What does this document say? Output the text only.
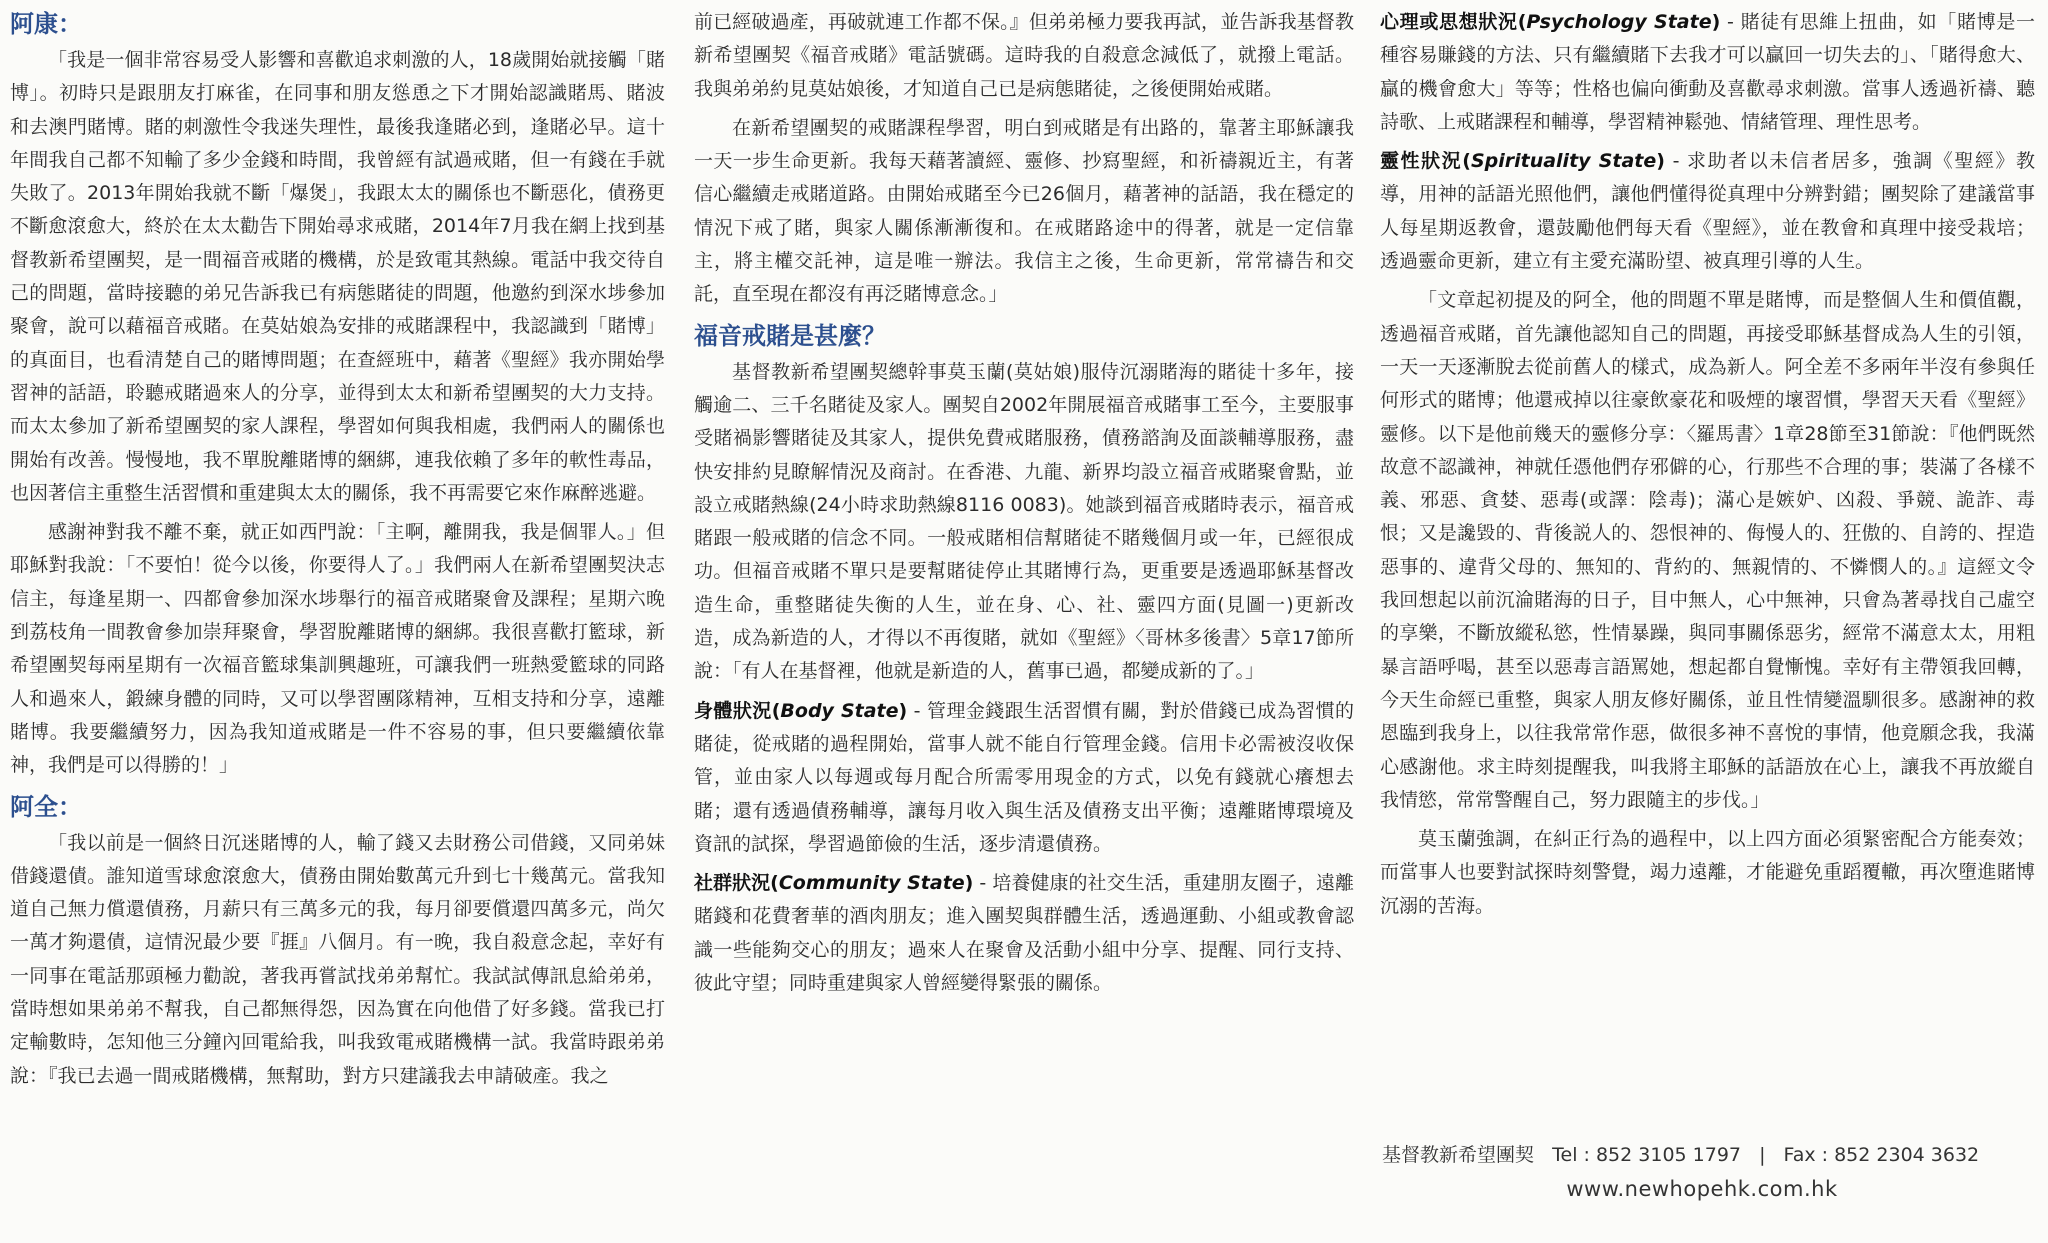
阿康：

「我是一個非常容易受人影響和喜歡追求刺激的人，18歲開始就接觸「賭博」。初時只是跟朋友打麻雀，在同事和朋友慫恿之下才開始認識賭馬、賭波和去澳門賭博。賭的刺激性令我迷失理性，最後我逢賭必到，逢賭必早。這十年間我自己都不知輸了多少金錢和時間，我曾經有試過戒賭，但一有錢在手就失敗了。2013年開始我就不斷「爆煲」，我跟太太的關係也不斷惡化，債務更不斷愈滾愈大，終於在太太勸告下開始尋求戒賭，2014年7月我在網上找到基督教新希望團契，是一間福音戒賭的機構，於是致電其熱線。電話中我交待自己的問題，當時接聽的弟兄告訴我已有病態賭徒的問題，他邀約到深水埗參加聚會，說可以藉福音戒賭。在莫姑娘為安排的戒賭課程中，我認識到「賭博」的真面目，也看清楚自己的賭博問題；在查經班中，藉著《聖經》我亦開始學習神的話語，聆聽戒賭過來人的分享，並得到太太和新希望團契的大力支持。而太太參加了新希望團契的家人課程，學習如何與我相處，我們兩人的關係也開始有改善。慢慢地，我不單脫離賭博的綑綁，連我依賴了多年的軟性毒品，也因著信主重整生活習慣和重建與太太的關係，我不再需要它來作麻醉逃避。

感謝神對我不離不棄，就正如西門說：「主啊，離開我，我是個罪人。」但耶穌對我說：「不要怕！從今以後，你要得人了。」我們兩人在新希望團契決志信主，每逢星期一、四都會參加深水埗舉行的福音戒賭聚會及課程；星期六晚到荔枝角一間教會參加崇拜聚會，學習脫離賭博的綑綁。我很喜歡打籃球，新希望團契每兩星期有一次福音籃球集訓興趣班，可讓我們一班熱愛籃球的同路人和過來人，鍛練身體的同時，又可以學習團隊精神，互相支持和分享，遠離賭博。我要繼續努力，因為我知道戒賭是一件不容易的事，但只要繼續依靠神，我們是可以得勝的！」

阿全：

「我以前是一個終日沉迷賭博的人，輸了錢又去財務公司借錢，又同弟妹借錢還債。誰知道雪球愈滾愈大，債務由開始數萬元升到七十幾萬元。當我知道自己無力償還債務，月薪只有三萬多元的我，每月卻要償還四萬多元，尚欠一萬才夠還債，這情況最少要『捱』八個月。有一晚，我自殺意念起，幸好有一同事在電話那頭極力勸說，著我再嘗試找弟弟幫忙。我試試傳訊息給弟弟，當時想如果弟弟不幫我，自己都無得怨，因為實在向他借了好多錢。當我已打定輸數時，怎知他三分鐘內回電給我，叫我致電戒賭機構一試。我當時跟弟弟說：『我已去過一間戒賭機構，無幫助，對方只建議我去申請破產。我之

前已經破過產，再破就連工作都不保。』但弟弟極力要我再試，並告訴我基督教新希望團契《福音戒賭》電話號碼。這時我的自殺意念減低了，就撥上電話。我與弟弟約見莫姑娘後，才知道自己已是病態賭徒，之後便開始戒賭。

在新希望團契的戒賭課程學習，明白到戒賭是有出路的，靠著主耶穌讓我一天一步生命更新。我每天藉著讀經、靈修、抄寫聖經，和祈禱親近主，有著信心繼續走戒賭道路。由開始戒賭至今已26個月，藉著神的話語，我在穩定的情況下戒了賭，與家人關係漸漸復和。在戒賭路途中的得著，就是一定信靠主，將主權交託神，這是唯一辦法。我信主之後，生命更新，常常禱告和交託，直至現在都沒有再泛賭博意念。」

福音戒賭是甚麼？

基督教新希望團契總幹事莫玉蘭(莫姑娘)服侍沉溺賭海的賭徒十多年，接觸逾二、三千名賭徒及家人。團契自2002年開展福音戒賭事工至今，主要服事受賭禍影響賭徒及其家人，提供免費戒賭服務，債務諮詢及面談輔導服務，盡快安排約見瞭解情況及商討。在香港、九龍、新界均設立福音戒賭聚會點，並設立戒賭熱線(24小時求助熱線8116 0083)。她談到福音戒賭時表示，福音戒賭跟一般戒賭的信念不同。一般戒賭相信幫賭徒不賭幾個月或一年，已經很成功。但福音戒賭不單只是要幫賭徒停止其賭博行為，更重要是透過耶穌基督改造生命，重整賭徒失衡的人生，並在身、心、社、靈四方面(見圖一)更新改造，成為新造的人，才得以不再復賭，就如《聖經》〈哥林多後書〉5章17節所說：「有人在基督裡，他就是新造的人，舊事已過，都變成新的了。」

身體狀況(Body State) - 管理金錢跟生活習慣有關，對於借錢已成為習慣的賭徒，從戒賭的過程開始，當事人就不能自行管理金錢。信用卡必需被沒收保管，並由家人以每週或每月配合所需零用現金的方式，以免有錢就心癢想去賭；還有透過債務輔導，讓每月收入與生活及債務支出平衡；遠離賭博環境及資訊的試探，學習過節儉的生活，逐步清還債務。

社群狀況(Community State) - 培養健康的社交生活，重建朋友圈子，遠離賭錢和花費奢華的酒肉朋友；進入團契與群體生活，透過運動、小組或教會認識一些能夠交心的朋友；過來人在聚會及活動小組中分享、提醒、同行支持、彼此守望；同時重建與家人曾經變得緊張的關係。

心理或思想狀況(Psychology State) - 賭徒有思維上扭曲，如「賭博是一種容易賺錢的方法、只有繼續賭下去我才可以贏回一切失去的」、「賭得愈大、贏的機會愈大」等等；性格也偏向衝動及喜歡尋求刺激。當事人透過祈禱、聽詩歌、上戒賭課程和輔導，學習精神鬆弛、情緒管理、理性思考。

靈性狀況(Spirituality State) - 求助者以未信者居多，強調《聖經》教導，用神的話語光照他們，讓他們懂得從真理中分辨對錯；團契除了建議當事人每星期返教會，還鼓勵他們每天看《聖經》，並在教會和真理中接受栽培；透過靈命更新，建立有主愛充滿盼望、被真理引導的人生。

「文章起初提及的阿全，他的問題不單是賭博，而是整個人生和價值觀，透過福音戒賭，首先讓他認知自己的問題，再接受耶穌基督成為人生的引領，一天一天逐漸脫去從前舊人的樣式，成為新人。阿全差不多兩年半沒有參與任何形式的賭博；他還戒掉以往豪飲豪花和吸煙的壞習慣，學習天天看《聖經》靈修。以下是他前幾天的靈修分享：〈羅馬書〉1章28節至31節說：『他們既然故意不認識神，神就任憑他們存邪僻的心，行那些不合理的事；裝滿了各樣不義、邪惡、貪婪、惡毒(或譯：陰毒)；滿心是嫉妒、凶殺、爭競、詭詐、毒恨；又是讒毀的、背後説人的、怨恨神的、侮慢人的、狂傲的、自誇的、捏造惡事的、違背父母的、無知的、背約的、無親情的、不憐憫人的。』這經文令我回想起以前沉淪賭海的日子，目中無人，心中無神，只會為著尋找自己虛空的享樂，不斷放縱私慾，性情暴躁，與同事關係惡劣，經常不滿意太太，用粗暴言語呼喝，甚至以惡毒言語罵她，想起都自覺慚愧。幸好有主帶領我回轉，今天生命經已重整，與家人朋友修好關係，並且性情變溫馴很多。感謝神的救恩臨到我身上，以往我常常作惡，做很多神不喜悅的事情，他竟願念我，我滿心感謝他。求主時刻提醒我，叫我將主耶穌的話語放在心上，讓我不再放縱自我情慾，常常警醒自己，努力跟隨主的步伐。」

莫玉蘭強調，在糾正行為的過程中，以上四方面必須緊密配合方能奏效；而當事人也要對試探時刻警覺，竭力遠離，才能避免重蹈覆轍，再次墮進賭博沉溺的苦海。

基督教新希望團契 Tel : 852 3105 1797 | Fax : 852 2304 3632
www.newhopehk.com.hk
